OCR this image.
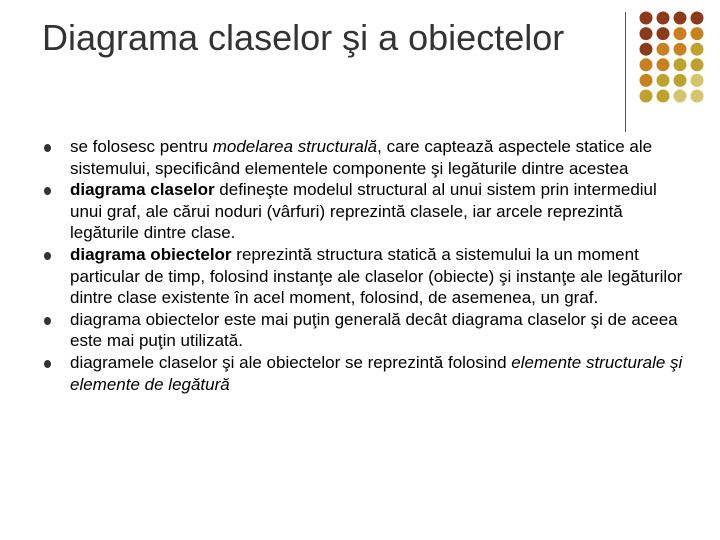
Diagrama claselor şi a obiectelor
se folosesc pentru modelarea structurală, care captează aspectele statice ale sistemului, specificând elementele componente şi legăturile dintre acestea
diagrama claselor defineşte modelul structural al unui sistem prin intermediul unui graf, ale cărui noduri (vârfuri) reprezintă clasele, iar arcele reprezintă legăturile dintre clase.
diagrama obiectelor reprezintă structura statică a sistemului la un moment particular de timp, folosind instanţe ale claselor (obiecte) şi instanţe ale legăturilor dintre clase existente în acel moment, folosind, de asemenea, un graf.
diagrama obiectelor este mai puţin generală decât diagrama claselor şi de aceea este mai puţin utilizată.
diagramele claselor şi ale obiectelor se reprezintă folosind elemente structurale şi elemente de legătură
